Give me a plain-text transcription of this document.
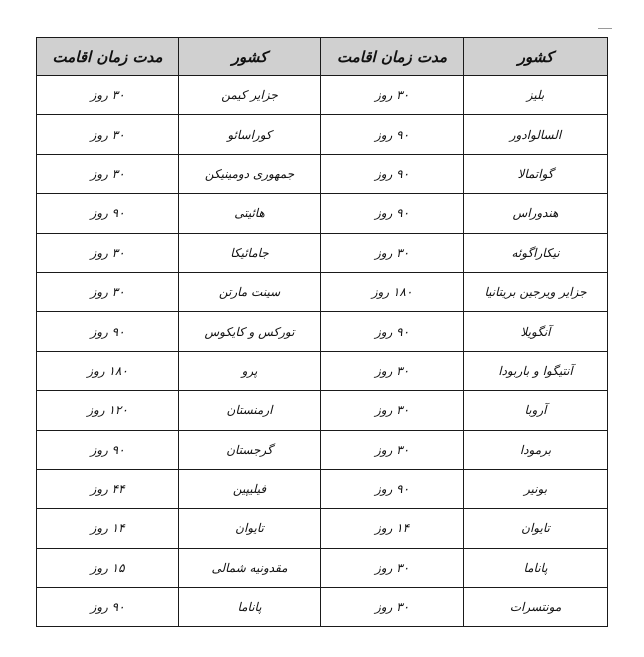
کشور	مدت زمان اقامت	کشور	مدت زمان اقامت
بلیز	۳۰ روز	جزایر کیمن	۳۰ روز
السالوادور	۹۰ روز	کوراسائو	۳۰ روز
گواتمالا	۹۰ روز	جمهوری دومینیکن	۳۰ روز
هندوراس	۹۰ روز	هائیتی	۹۰ روز
نیکاراگوئه	۳۰ روز	جامائیکا	۳۰ روز
جزایر ویرجین بریتانیا	۱۸۰ روز	سینت مارتن	۳۰ روز
آنگویلا	۹۰ روز	تورکس و کایکوس	۹۰ روز
آنتیگوا و باربودا	۳۰ روز	پرو	۱۸۰ روز
آروبا	۳۰ روز	ارمنستان	۱۲۰ روز
برمودا	۳۰ روز	گرجستان	۹۰ روز
بونیر	۹۰ روز	فیلیپین	۴۴ روز
تایوان	۱۴ روز	تایوان	۱۴ روز
پاناما	۳۰ روز	مقدونیه شمالی	۱۵ روز
مونتسرات	۳۰ روز	پاناما	۹۰ روز
